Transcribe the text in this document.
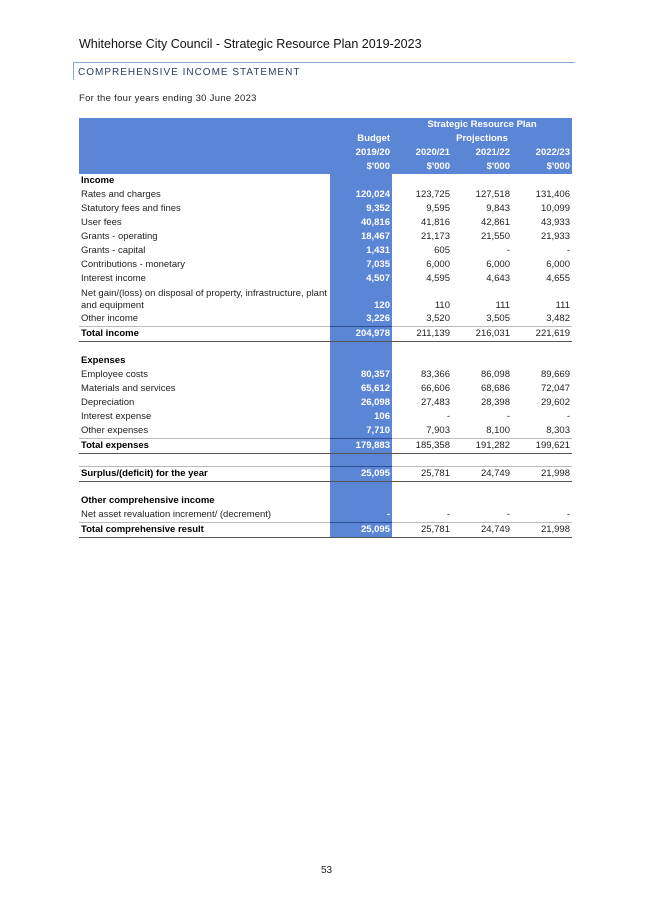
Whitehorse City Council - Strategic Resource Plan 2019-2023
COMPREHENSIVE INCOME STATEMENT
For the four years ending 30 June 2023
		Strategic Resource Plan		
	Budget	Projections		
	2019/20	2020/21	2021/22	2022/23
	$'000	$'000	$'000	$'000
Income				
Rates and charges	120,024	123,725	127,518	131,406
Statutory fees and fines	9,352	9,595	9,843	10,099
User fees	40,816	41,816	42,861	43,933
Grants - operating	18,467	21,173	21,550	21,933
Grants - capital	1,431	605	-	-
Contributions - monetary	7,035	6,000	6,000	6,000
Interest income	4,507	4,595	4,643	4,655
Net gain/(loss) on disposal of property, infrastructure, plant and equipment	120	110	111	111
Other income	3,226	3,520	3,505	3,482
Total income	204,978	211,139	216,031	221,619

Expenses				
Employee costs	80,357	83,366	86,098	89,669
Materials and services	65,612	66,606	68,686	72,047
Depreciation	26,098	27,483	28,398	29,602
Interest expense	106	-	-	-
Other expenses	7,710	7,903	8,100	8,303
Total expenses	179,883	185,358	191,282	199,621

Surplus/(deficit) for the year	25,095	25,781	24,749	21,998

Other comprehensive income				
Net asset revaluation increment/ (decrement)	-	-	-	-
Total comprehensive result	25,095	25,781	24,749	21,998
53
